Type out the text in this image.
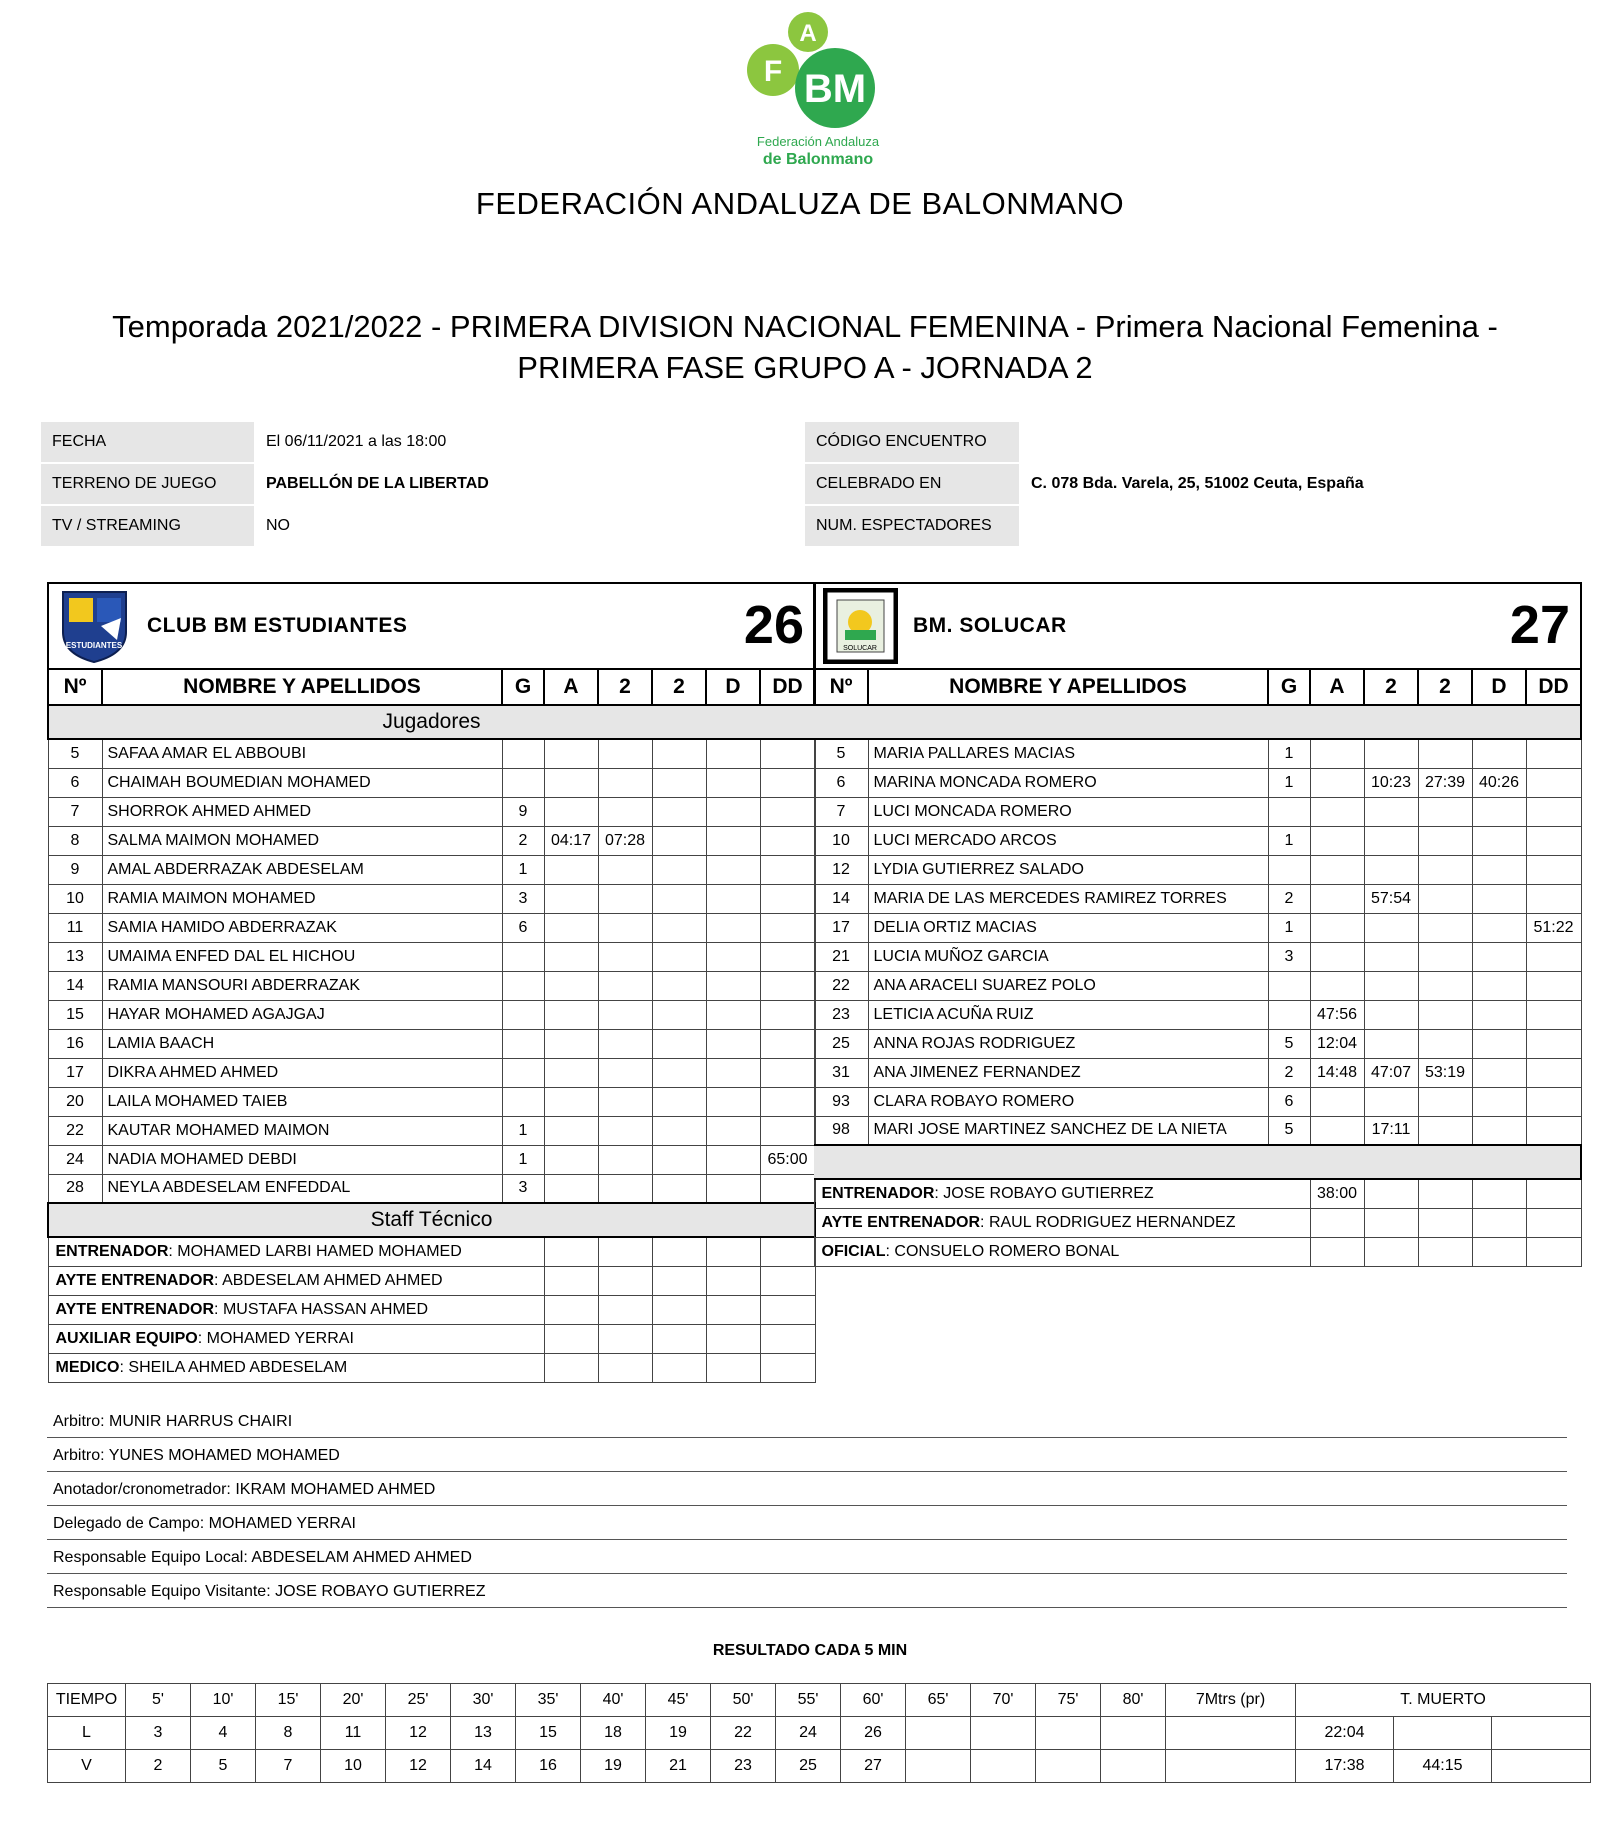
F
A
BM
Federación Andaluza
de Balonmano
FEDERACIÓN ANDALUZA DE BALONMANO
Temporada 2021/2022 - PRIMERA DIVISION NACIONAL FEMENINA - Primera Nacional Femenina -
PRIMERA FASE GRUPO A - JORNADA 2
FECHA	El 06/11/2021 a las 18:00
TERRENO DE JUEGO	PABELLÓN DE LA LIBERTAD
TV / STREAMING	NO
CÓDIGO ENCUENTRO
CELEBRADO EN	C. 078 Bda. Varela, 25, 51002 Ceuta, España
NUM. ESPECTADORES
ESTUDIANTES
CLUB BM ESTUDIANTES 26							

Nº	NOMBRE Y APELLIDOS	G	A	2	2	D	DD
Jugadores							
5	SAFAA AMAR EL ABBOUBI						
6	CHAIMAH BOUMEDIAN MOHAMED						
7	SHORROK AHMED AHMED	9					
8	SALMA MAIMON MOHAMED	2	04:17	07:28			
9	AMAL ABDERRAZAK ABDESELAM	1					
10	RAMIA MAIMON MOHAMED	3					
11	SAMIA HAMIDO ABDERRAZAK	6					
13	UMAIMA ENFED DAL EL HICHOU						
14	RAMIA MANSOURI ABDERRAZAK						
15	HAYAR MOHAMED AGAJGAJ						
16	LAMIA BAACH						
17	DIKRA AHMED AHMED						
20	LAILA MOHAMED TAIEB						
22	KAUTAR MOHAMED MAIMON	1					
24	NADIA MOHAMED DEBDI	1					65:00
28	NEYLA ABDESELAM ENFEDDAL	3					
Staff Técnico							
ENTRENADOR: MOHAMED LARBI HAMED MOHAMED							
AYTE ENTRENADOR: ABDESELAM AHMED AHMED							
AYTE ENTRENADOR: MUSTAFA HASSAN AHMED							
AUXILIAR EQUIPO: MOHAMED YERRAI							
MEDICO: SHEILA AHMED ABDESELAM							
SOLUCAR
BM. SOLUCAR 27							

Nº	NOMBRE Y APELLIDOS	G	A	2	2	D	DD

5	MARIA PALLARES MACIAS	1					
6	MARINA MONCADA ROMERO	1		10:23	27:39	40:26	
7	LUCI MONCADA ROMERO						
10	LUCI MERCADO ARCOS	1					
12	LYDIA GUTIERREZ SALADO						
14	MARIA DE LAS MERCEDES RAMIREZ TORRES	2		57:54			
17	DELIA ORTIZ MACIAS	1					51:22
21	LUCIA MUÑOZ GARCIA	3					
22	ANA ARACELI SUAREZ POLO						
23	LETICIA ACUÑA RUIZ		47:56				
25	ANNA ROJAS RODRIGUEZ	5	12:04				
31	ANA JIMENEZ FERNANDEZ	2	14:48	47:07	53:19		
93	CLARA ROBAYO ROMERO	6					
98	MARI JOSE MARTINEZ SANCHEZ DE LA NIETA	5		17:11			

ENTRENADOR: JOSE ROBAYO GUTIERREZ			38:00				
AYTE ENTRENADOR: RAUL RODRIGUEZ HERNANDEZ							
OFICIAL: CONSUELO ROMERO BONAL							
Arbitro: MUNIR HARRUS CHAIRI
Arbitro: YUNES MOHAMED MOHAMED
Anotador/cronometrador: IKRAM MOHAMED AHMED
Delegado de Campo: MOHAMED YERRAI
Responsable Equipo Local: ABDESELAM AHMED AHMED
Responsable Equipo Visitante: JOSE ROBAYO GUTIERREZ
RESULTADO CADA 5 MIN
TIEMPO	5'	10'	15'	20'	25'	30'	35'	40'	45'	50'	55'	60'	65'	70'	75'	80'	7Mtrs (pr)	T. MUERTO		
L	3	4	8	11	12	13	15	18	19	22	24	26						22:04		
V	2	5	7	10	12	14	16	19	21	23	25	27						17:38	44:15	
